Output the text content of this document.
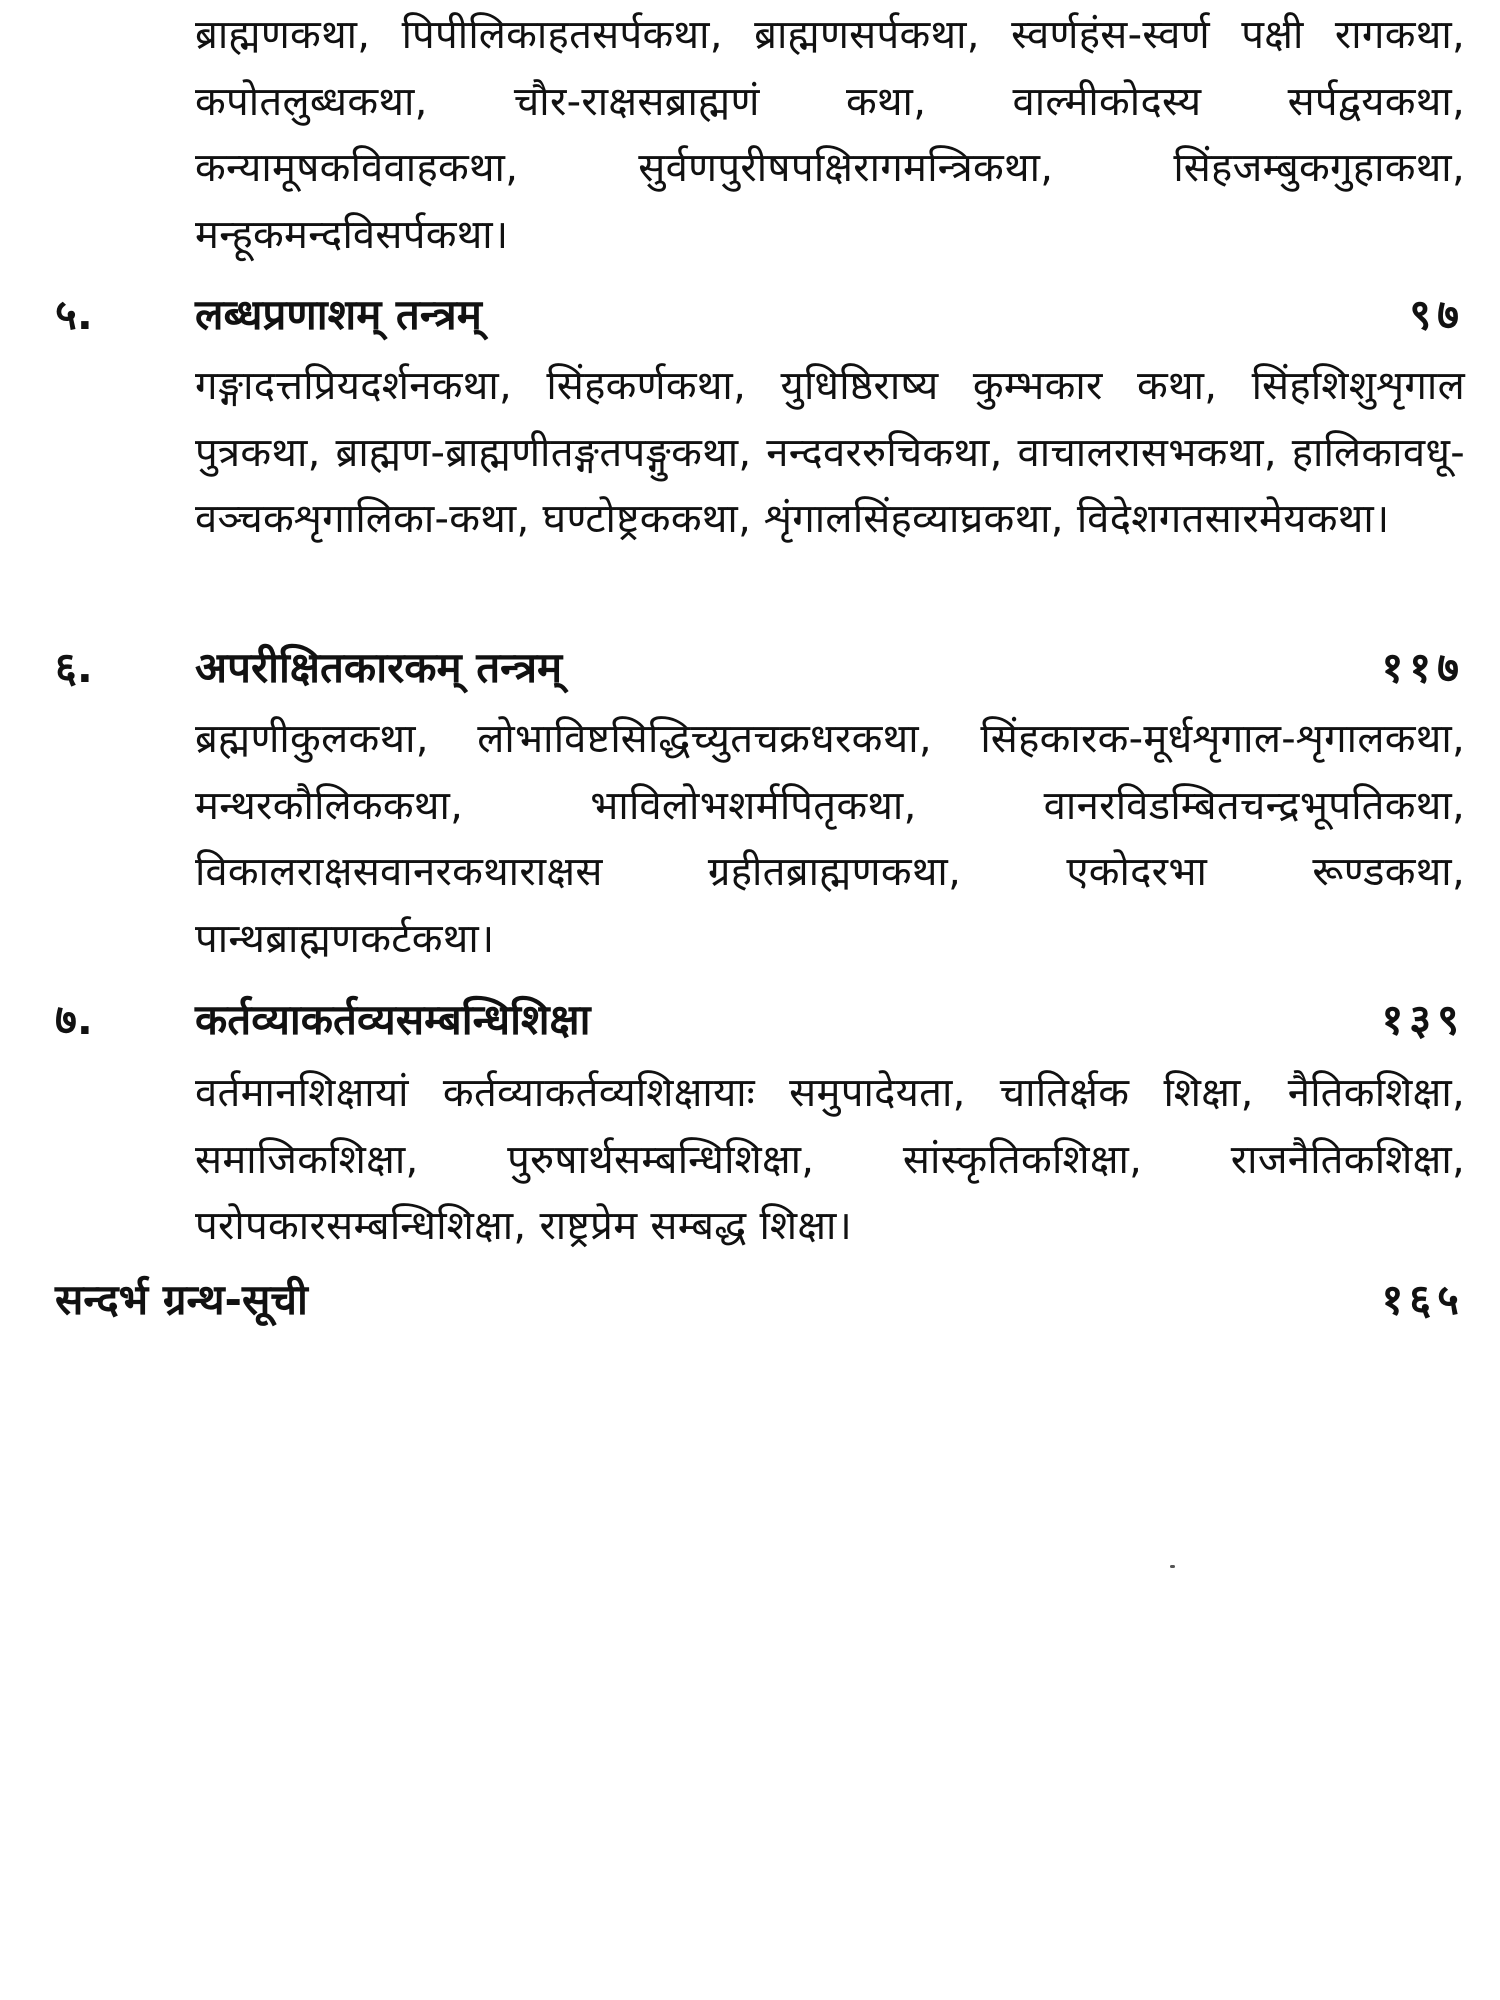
ब्राह्मणकथा, पिपीलिकाहतसर्पकथा, ब्राह्मणसर्पकथा, स्वर्णहंस-स्वर्ण पक्षी रागकथा, कपोतलुब्धकथा, चौर-राक्षसब्राह्मणं कथा, वाल्मीकोदस्य सर्पद्वयकथा, कन्यामूषकविवाहकथा, सुर्वणपुरीषपक्षिरागमन्त्रिकथा, सिंहजम्बुकगुहाकथा, मन्हूकमन्दविसर्पकथा।

५. लब्धप्रणाशम् तन्त्रम्	९७

गङ्गादत्तप्रियदर्शनकथा, सिंहकर्णकथा, युधिष्ठिराष्य कुम्भकार कथा, सिंहशिशुशृगाल पुत्रकथा, ब्राह्मण-ब्राह्मणीतङ्गतपङ्गुकथा, नन्दवररुचिकथा, वाचालरासभकथा, हालिकावधू-वञ्चकशृगालिका-कथा, घण्टोष्ट्रककथा, शृंगालसिंहव्याघ्रकथा, विदेशगतसारमेयकथा।

६. अपरीक्षितकारकम् तन्त्रम्	११७

ब्रह्मणीकुलकथा, लोभाविष्टसिद्धिच्युतचक्रधरकथा, सिंहकारक-मूर्धशृगाल-शृगालकथा, मन्थरकौलिककथा, भाविलोभशर्मपितृकथा, वानरविडम्बितचन्द्रभूपतिकथा, विकालराक्षसवानरकथाराक्षस ग्रहीतब्राह्मणकथा, एकोदरभा रूण्डकथा, पान्थब्राह्मणकर्टकथा।

७. कर्तव्याकर्तव्यसम्बन्धिशिक्षा	१३९

वर्तमानशिक्षायां कर्तव्याकर्तव्यशिक्षायाः समुपादेयता, चातिर्क्षक शिक्षा, नैतिकशिक्षा, समाजिकशिक्षा, पुरुषार्थसम्बन्धिशिक्षा, सांस्कृतिकशिक्षा, राजनैतिकशिक्षा, परोपकारसम्बन्धिशिक्षा, राष्ट्रप्रेम सम्बद्ध शिक्षा।

सन्दर्भ ग्रन्थ-सूची	१६५
